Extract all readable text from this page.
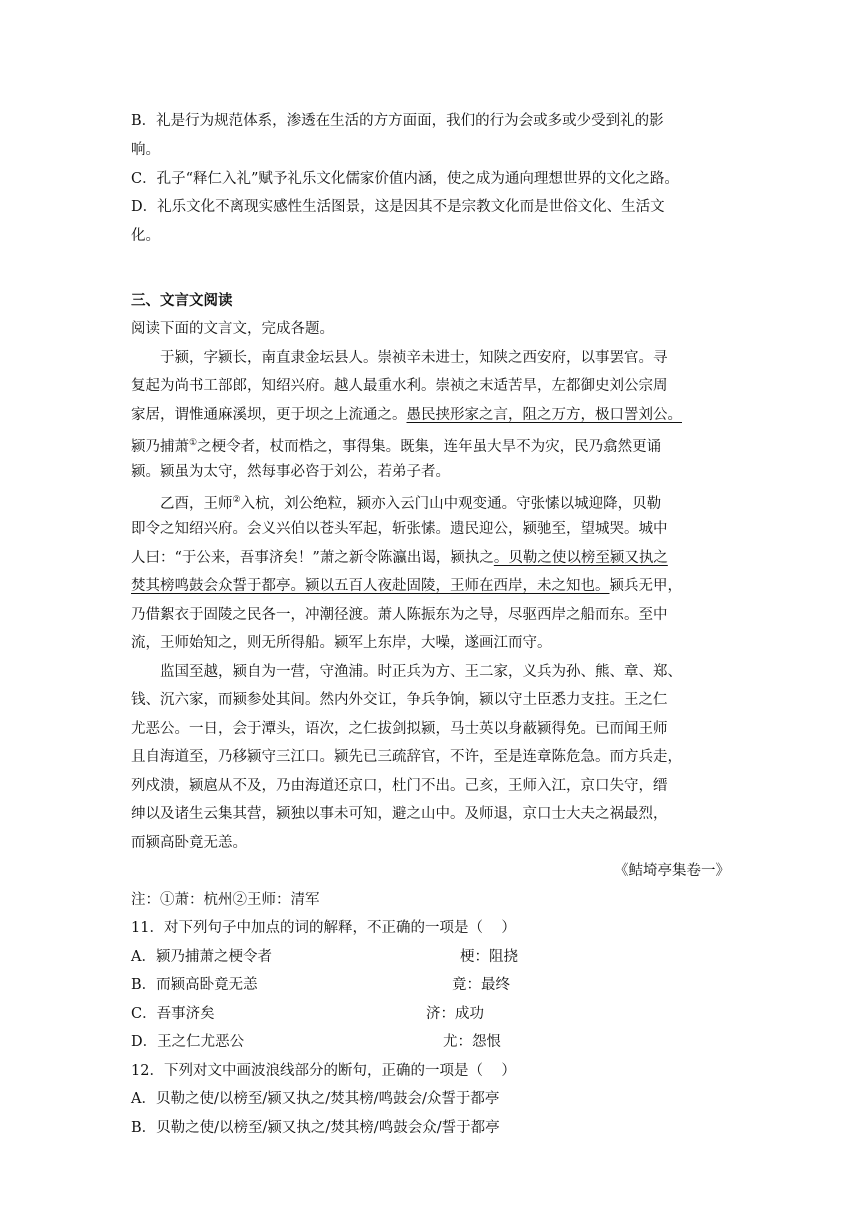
B．礼是行为规范体系，渗透在生活的方方面面，我们的行为会或多或少受到礼的影
响。
C．孔子“释仁入礼”赋予礼乐文化儒家价值内涵，使之成为通向理想世界的文化之路。
D．礼乐文化不离现实感性生活图景，这是因其不是宗教文化而是世俗文化、生活文
化。
三、文言文阅读
阅读下面的文言文，完成各题。
于颍，字颍长，南直隶金坛县人。崇祯辛未进士，知陕之西安府，以事罢官。寻
复起为尚书工部郎，知绍兴府。越人最重水利。崇祯之末适苦旱，左都御史刘公宗周
家居，谓惟通麻溪坝，更于坝之上流通之。愚民挟形家之言，阻之万方，极口詈刘公。
颍乃捕萧①之梗令者，杖而梏之，事得集。既集，连年虽大旱不为灾，民乃翕然更诵
颍。颍虽为太守，然每事必咨于刘公，若弟子者。
乙酉，王师②入杭，刘公绝粒，颍亦入云门山中观变通。守张愫以城迎降，贝勒
即令之知绍兴府。会义兴伯以苍头军起，斩张愫。遗民迎公，颍驰至，望城哭。城中
人曰：“于公来，吾事济矣！”萧之新令陈瀛出谒，颍执之。贝勒之使以榜至颍又执之
焚其榜鸣鼓会众誓于都亭。颍以五百人夜赴固陵，王师在西岸，未之知也。颍兵无甲，
乃借絮衣于固陵之民各一，冲潮径渡。萧人陈振东为之导，尽驱西岸之船而东。至中
流，王师始知之，则无所得船。颍军上东岸，大噪，遂画江而守。
监国至越，颍自为一营，守渔浦。时正兵为方、王二家，义兵为孙、熊、章、郑、
钱、沉六家，而颍参处其间。然内外交讧，争兵争饷，颍以守土臣悉力支拄。王之仁
尤恶公。一日，会于潭头，语次，之仁拔剑拟颍，马士英以身蔽颍得免。已而闻王师
且自海道至，乃移颍守三江口。颍先已三疏辞官，不许，至是连章陈危急。而方兵走，
列戍溃，颍扈从不及，乃由海道还京口，杜门不出。己亥，王师入江，京口失守，缙
绅以及诸生云集其营，颍独以事未可知，避之山中。及师退，京口士大夫之祸最烈，
而颍高卧竟无恙。
《鲒埼亭集卷一》
注：①萧：杭州②王师：清军
11．对下列句子中加点的词的解释，不正确的一项是（    ）
A．颍乃捕萧之梗令者	梗：阻挠
B．而颍高卧竟无恙	竟：最终
C．吾事济矣	济：成功
D．王之仁尤恶公	尤：怨恨
12．下列对文中画波浪线部分的断句，正确的一项是（    ）
A．贝勒之使/以榜至/颍又执之/焚其榜/鸣鼓会/众誓于都亭
B．贝勒之使/以榜至/颍又执之/焚其榜/鸣鼓会众/誓于都亭
